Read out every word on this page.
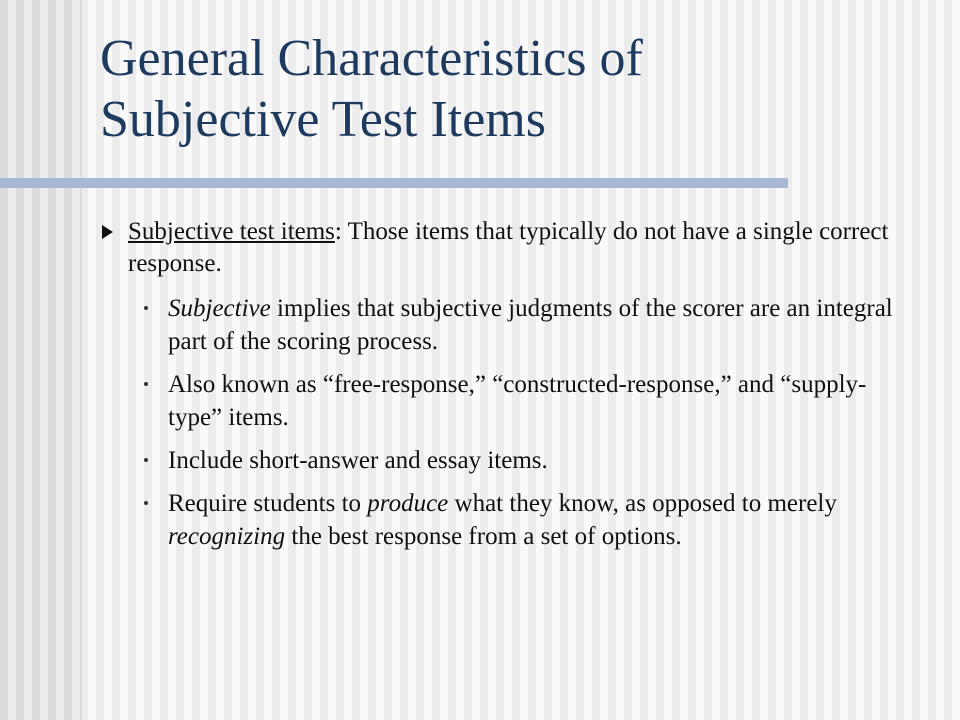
General Characteristics of
Subjective Test Items
Subjective test items: Those items that typically do not have a single correct response.
Subjective implies that subjective judgments of the scorer are an integral part of the scoring process.
Also known as “free-response,” “constructed-response,” and “supply-type” items.
Include short-answer and essay items.
Require students to produce what they know, as opposed to merely recognizing the best response from a set of options.
